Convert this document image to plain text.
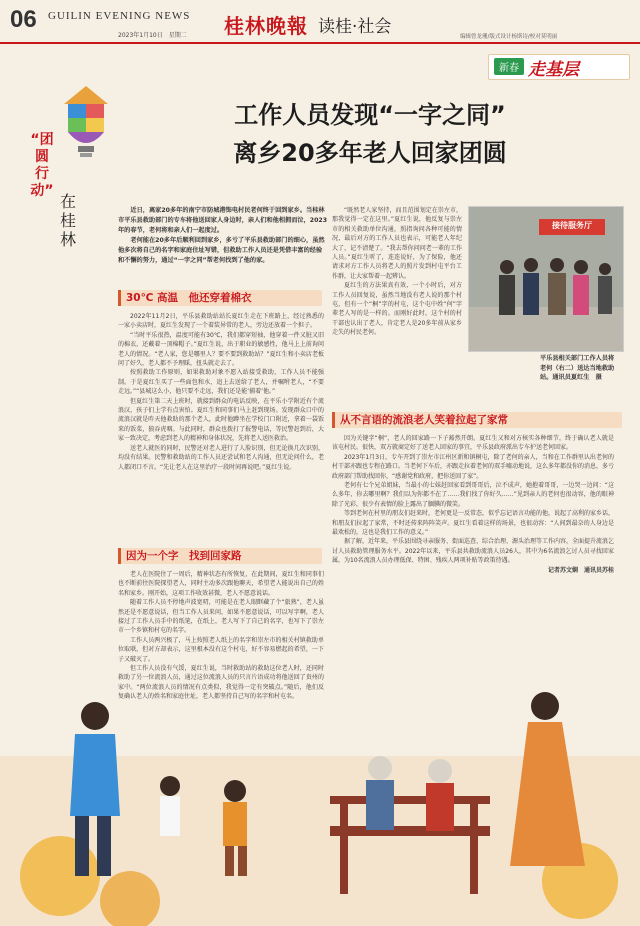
06 GUILIN EVENING NEWS
2023年1月10日　星期二 桂林晚報 读桂·社会	编辑曾龙珊/版式设计杨斯诗/校对莫明丽
新春 走基层
“团圆行动”
在桂林
工作人员发现“一字之同”
离乡20多年老人回家团圆

近日，离家20多年的南宁市防城港饰电村民老何终于回到家乡。当桂林市平乐县救助部门的专车将他送回家人身边时，亲人们和他相拥而泣，2023年的春节，老何将和亲人们一起度过。

老何能在20多年后顺利回到家乡，多亏了平乐县救助部门的细心，虽然他多次将自己的名字和家庭住址写错，但救助工作人员还是凭借丰富的经验和不懈的努力，通过“一字之同”帮老何找到了他的家。

30℃ 高温　他还穿着棉衣

2022年11月2日，平乐县救助站站长夏红生走在下班路上，经过熟悉的一家小卖店时，夏红生发现了一个着装异常的老人，旁边还放着一个担子。

“当时平乐很热，温度可能有30℃，我们都穿短袖，他穿着一件又脏又旧的棉衣，还戴着一顶棉帽子。”夏红生说，出于职业的敏感性，他马上上前询问老人的情况。“老人家，您是哪里人？要不要到救助站？”夏红生和小卖店老板问了好久，老人都不予理睬，扭头就走去了。

按照救助工作原则，如果救助对象不愿入站接受救助，工作人员不能强制。于是夏红生买了一些面包和水，追上去送给了老人，并嘱咐老人，“不要走远。”“县城这么小，他只要不走远，我们还是能‘捕着’他。”

但夏红生第二天上班时，就接到群众的电话反映，在平乐小学附近有个流浪汉，孩子们上学有点害怕。夏红生和同事们马上赶到现场。发现群众口中的流浪汉就是昨天他救助的那个老人，此时他蹲坐在学校门口附近，拿着一袋饭来的饭菜，狼吞虎咽。与此同时，群众也拨打了报警电话，等民警赶到后，大家一致决定，考虑到老人的精神和身体状况，先将老人送医救治。

送老人就医的同时，民警还对老人进行了人脸识别，但无论换几次识别，均没有结果。民警和救助站的工作人员还尝试和老人沟通，但无论问什么，老人都闭口不言。“先让老人在这里治疗一段时间再说吧。”夏红生说。

因为一个字　找到回家路

老人在医院住了一周后，精神状态有所恢复，在此期间，夏红生和同事们也不断前往医院探望老人，同时主动多次跟他聊天，希望老人能说出自己的姓名和家乡。刚开始，这项工作收效甚微，老人不愿意说话。

随着工作人员不停地声波宽叨，可能是在老人眼眶藏了个“旅熟”，老人虽然还是不愿意说话，但当工作人员来问，如果不愿意说话，可以写字啊，老人接过了工作人员手中的纸笔，在纸上，老人写下了自己的名字，也写下了崇左市一个乡镇和村屯的名字。

工作人员两兴极了，马上按照老人纸上的名字和崇左市的相关村镇救助单位取联，但对方却表示，这里根本没有这个村屯，好不容易燃起的希望，一下子又破灭了。

但工作人员没有气馁，夏红生说，当时救助站的救助这位老人时，还同时救助了另一位流浪人员，通过这位流浪人员的只言片语成功将他送回了贵州的家中。“两位流浪人员的情况有点类似，我觉得一定有突破点。”随后，他们反复确认老人的姓名和家庭住址，老人都坚持自己写的名字和村屯名。

“既然老人家坚持，而且范围划定在崇左市，那我觉得一定在这里。”夏红生说，他反复与崇左市的相关救助单位沟通，照指询问各种可能的情况，最后对方的工作人员也表示，可能老人年纪大了，记不清楚了。“我去帮你问问老一辈的工作人员。”夏红生听了，连连说好，为了保险，他还请求对方工作人员将老人的照片发到村屯平台工作群，让大家帮着一起辨认。

夏红生的方法果真有效，一个小时后，对方工作人员回复说，虽然当地没有老人说的那个村屯，但有一个“桐”字的村屯，这个屯中姓“何”字辈老人写的是一样的。而刚好此时，这个村的村干部也认出了老人，肯定老人是20多年前从家乡走失的村民老何。

接待服务厅
平乐县相关部门工作人员将老何（右二）送达当地救助站。通讯员夏红生　摄
从不言语的流浪老人笑着拉起了家常

因为关键字“桐”，老人的回家路一下子豁然开朗。夏红生又和对方核实各种细节，终于确认老人就是该屯村民。很快，双方就商定好了送老人回家的事宜，平乐县政府派出专车护送老何回家。

2023年1月3日，专车开到了崇左市江州区新和镇桐屯，除了老何的亲人，当和在工作群里认出老何的村干部亦跟也专程在路口。当老何下车后，亦跟走拉着老何的双手嘘动地说，这么多年都没你的消息，多亏政府部门帮助找回你，“感谢党和政府，把你送回了家”。

老何有七个兄弟姐妹，当最小的七妹赶回家看到哥哥后，泣不成声，她抱着哥哥，一边哭一边问：“这么多年，你去哪里啊？我们以为你都不在了……我们找了你好久……”见到亲人的老何也很动容，他的眼神除了光彩，很少有表情的脸上露出了腼腆的微笑。

等到老何在村里的朋友们赶来时，老何更是一反常态，似乎忘记语言功能的他，说起了高利的家乡话，和朋友们拉起了家常，不时还传来阵阵笑声。夏红生看着这样的场景，也很动容：“人间到最奈的人身边是最欢松的，这也是我们工作的意义。”

据了解，近年来，平乐县围绕寻亲服务、街面巡查、综合治理、源头治理等工作内容，全面提升流浪乞讨人员救助管理服务水平。2022年以来，平乐县共救助流浪人员26人，其中为6名流浪乞讨人员寻找回家属，为10名流浪人员办理低保、特困、残疾人两项补贴等政策待遇。

记者苏文娴　通讯员苏桂
